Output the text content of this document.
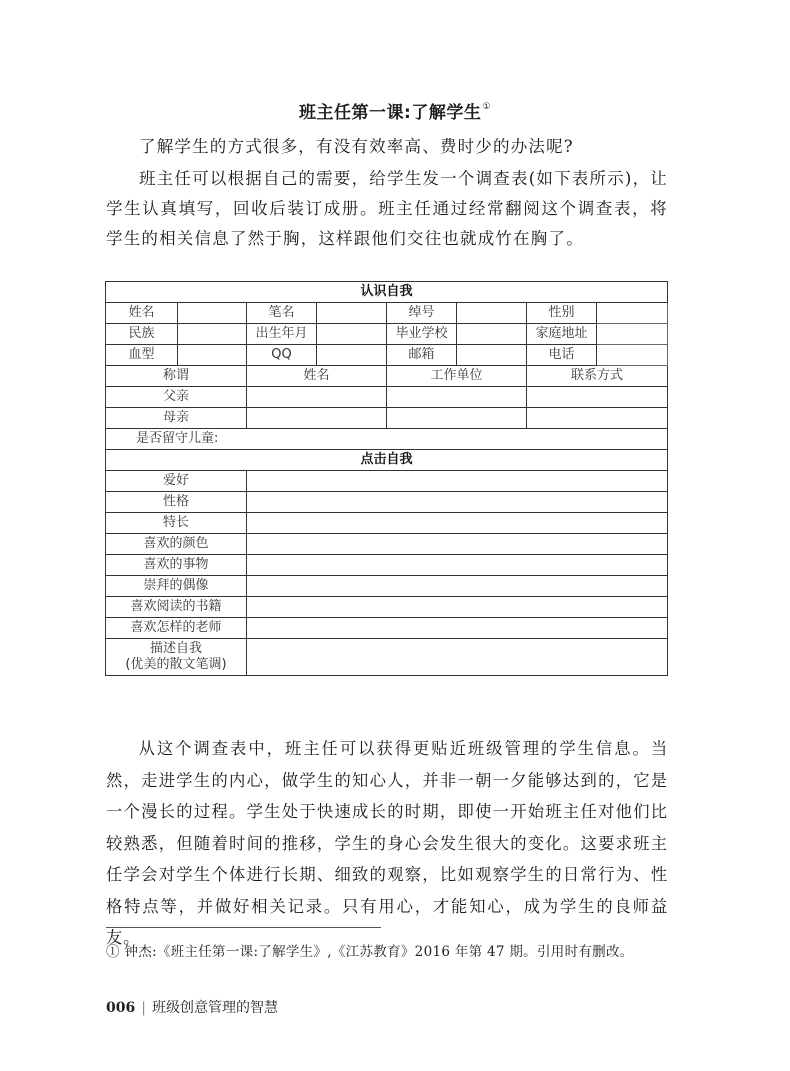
班主任第一课:了解学生①
了解学生的方式很多，有没有效率高、费时少的办法呢?
班主任可以根据自己的需要，给学生发一个调查表(如下表所示)，让学生认真填写，回收后装订成册。班主任通过经常翻阅这个调查表，将学生的相关信息了然于胸，这样跟他们交往也就成竹在胸了。
认识自我							
姓名		笔名		绰号		性别	
民族		出生年月		毕业学校		家庭地址	
血型		QQ		邮箱		电话	
称谓		姓名		工作单位		联系方式	
父亲							
母亲							
是否留守儿童:							
点击自我							
爱好							
性格							
特长							
喜欢的颜色							
喜欢的事物							
崇拜的偶像							
喜欢阅读的书籍							
喜欢怎样的老师							
描述自我
(优美的散文笔调)							
从这个调查表中，班主任可以获得更贴近班级管理的学生信息。当然，走进学生的内心，做学生的知心人，并非一朝一夕能够达到的，它是一个漫长的过程。学生处于快速成长的时期，即使一开始班主任对他们比较熟悉，但随着时间的推移，学生的身心会发生很大的变化。这要求班主任学会对学生个体进行长期、细致的观察，比如观察学生的日常行为、性格特点等，并做好相关记录。只有用心，才能知心，成为学生的良师益友。
① 钟杰:《班主任第一课:了解学生》,《江苏教育》2016 年第 47 期。引用时有删改。
006 | 班级创意管理的智慧
